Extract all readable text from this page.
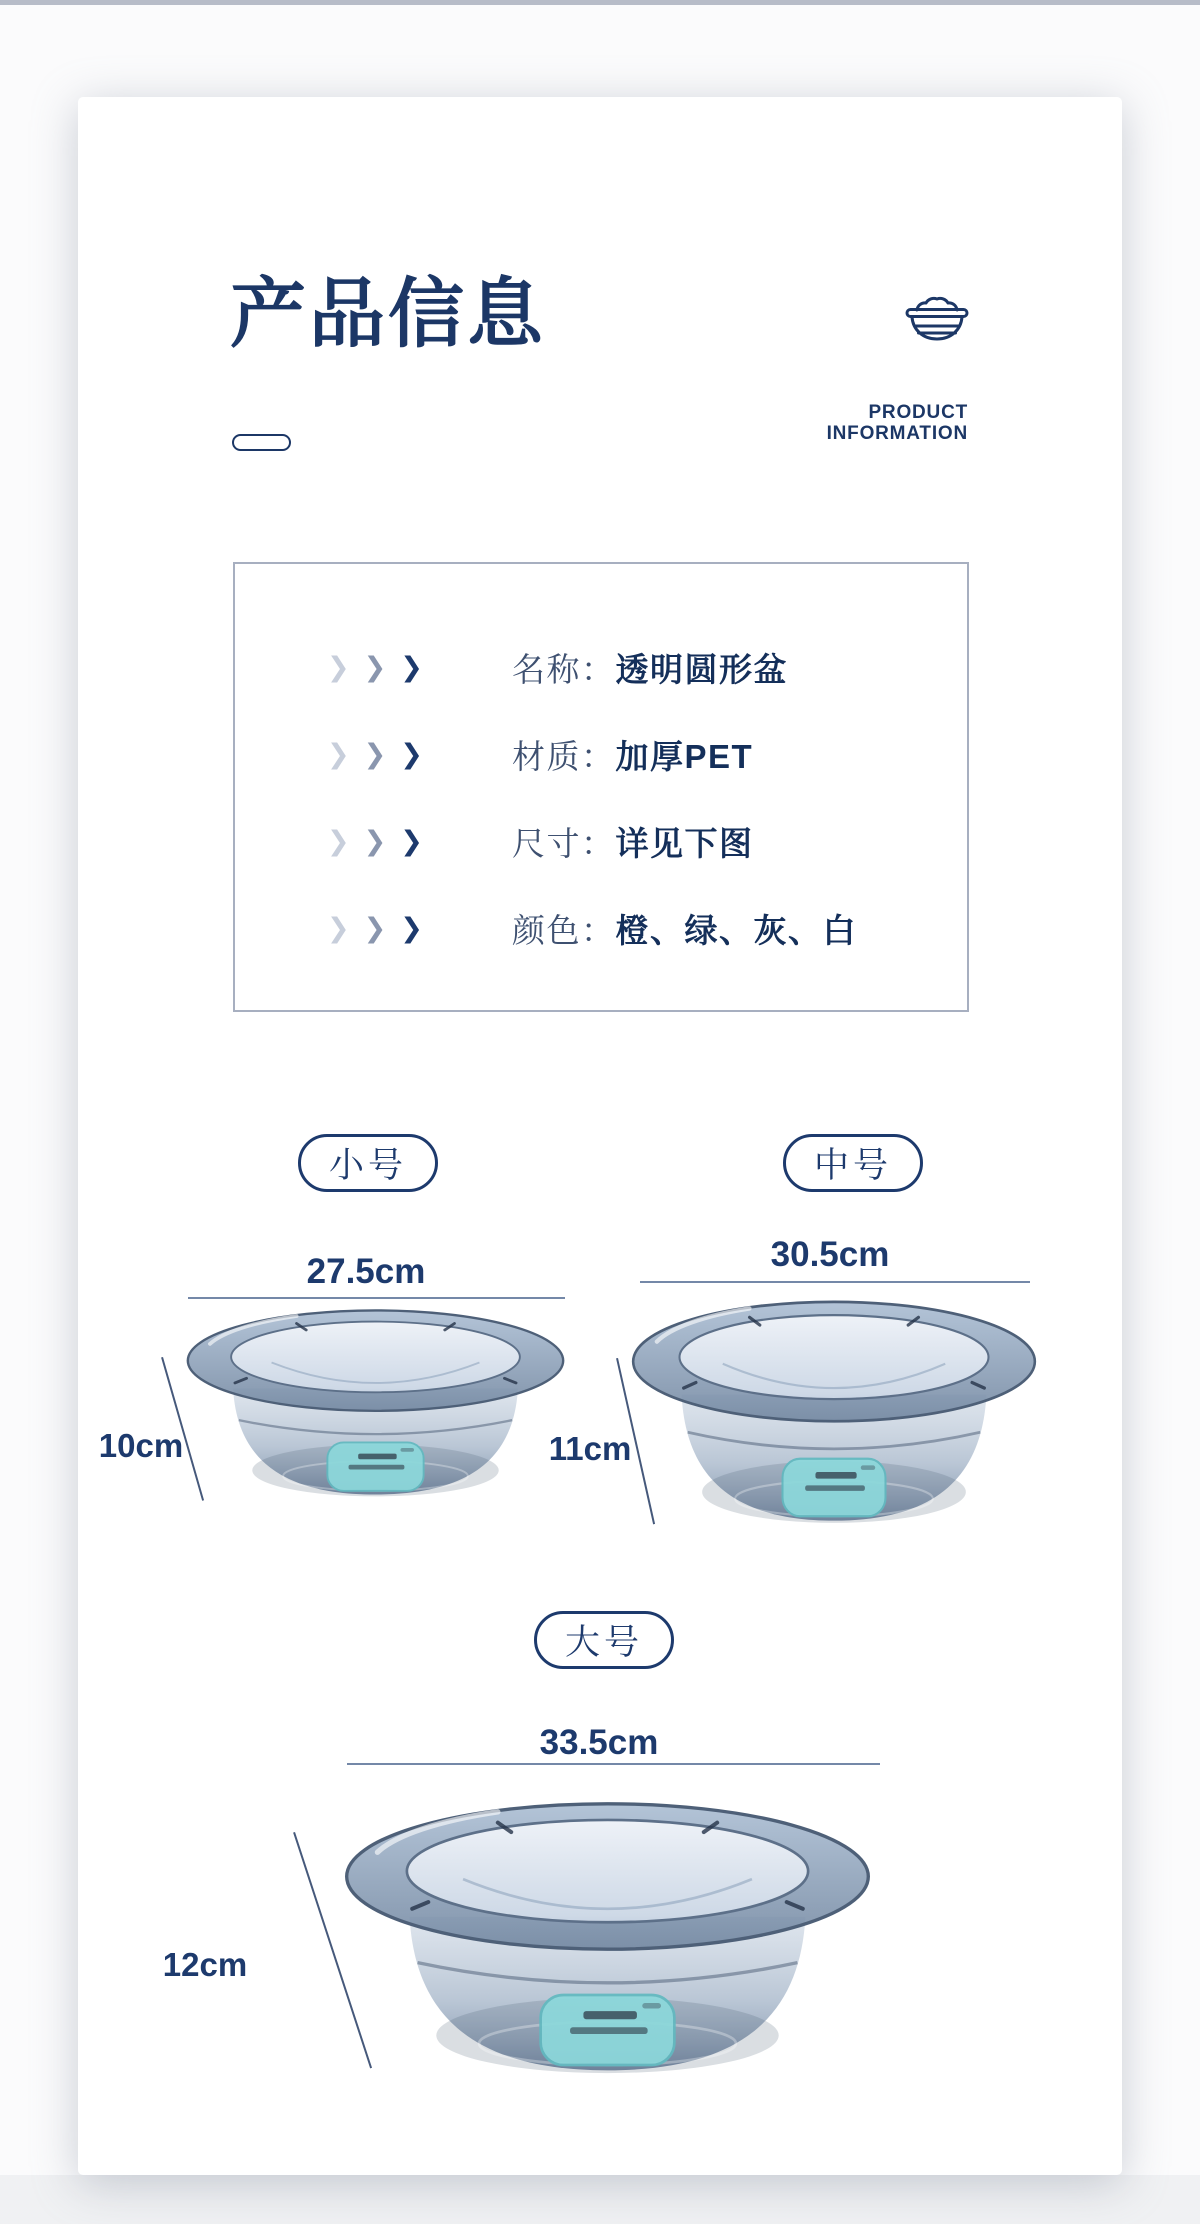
产品信息
PRODUCT
INFORMATION
❯ ❯ ❯	名称： 透明圆形盆
❯ ❯ ❯	材质： 加厚PET
❯ ❯ ❯	尺寸： 详见下图
❯ ❯ ❯	颜色： 橙、绿、灰、白
小号
27.5cm
10cm
中号
30.5cm
11cm
大号
33.5cm
12cm
